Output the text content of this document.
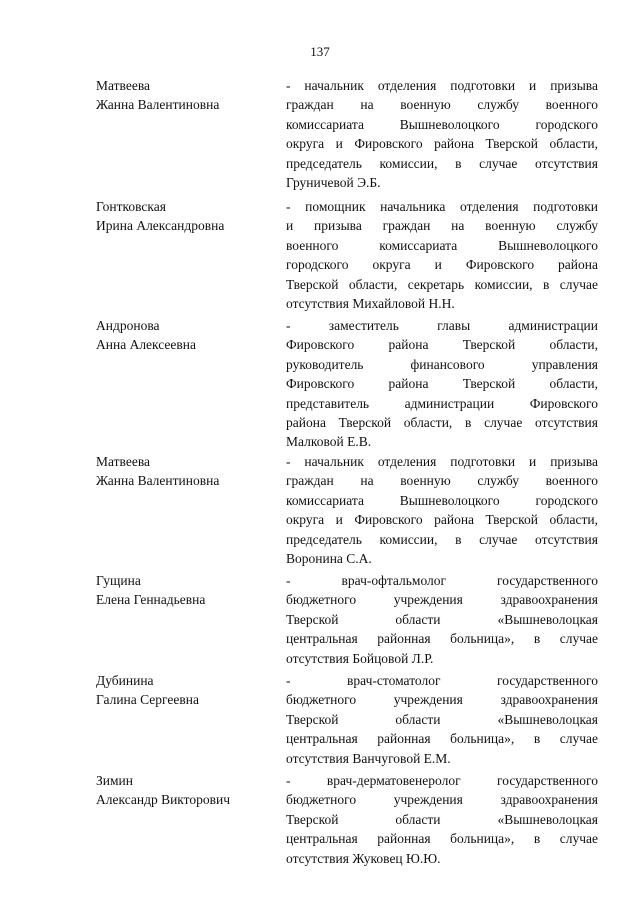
137
Матвеева
Жанна Валентиновна
- начальник отделения подготовки и призыва
граждан на военную службу военного
комиссариата Вышневолоцкого городского
округа и Фировского района Тверской области,
председатель комиссии, в случае отсутствия
Груничевой Э.Б.
Гонтковская
Ирина Александровна
- помощник начальника отделения подготовки
и призыва граждан на военную службу
военного комиссариата Вышневолоцкого
городского округа и Фировского района
Тверской области, секретарь комиссии, в случае
отсутствия Михайловой Н.Н.
Андронова
Анна Алексеевна
- заместитель главы администрации
Фировского района Тверской области,
руководитель финансового управления
Фировского района Тверской области,
представитель администрации Фировского
района Тверской области, в случае отсутствия
Малковой Е.В.
Матвеева
Жанна Валентиновна
- начальник отделения подготовки и призыва
граждан на военную службу военного
комиссариата Вышневолоцкого городского
округа и Фировского района Тверской области,
председатель комиссии, в случае отсутствия
Воронина С.А.
Гущина
Елена Геннадьевна
- врач-офтальмолог государственного
бюджетного учреждения здравоохранения
Тверской области «Вышневолоцкая
центральная районная больница», в случае
отсутствия Бойцовой Л.Р.
Дубинина
Галина Сергеевна
- врач-стоматолог государственного
бюджетного учреждения здравоохранения
Тверской области «Вышневолоцкая
центральная районная больница», в случае
отсутствия Ванчуговой Е.М.
Зимин
Александр Викторович
- врач-дерматовенеролог государственного
бюджетного учреждения здравоохранения
Тверской области «Вышневолоцкая
центральная районная больница», в случае
отсутствия Жуковец Ю.Ю.
